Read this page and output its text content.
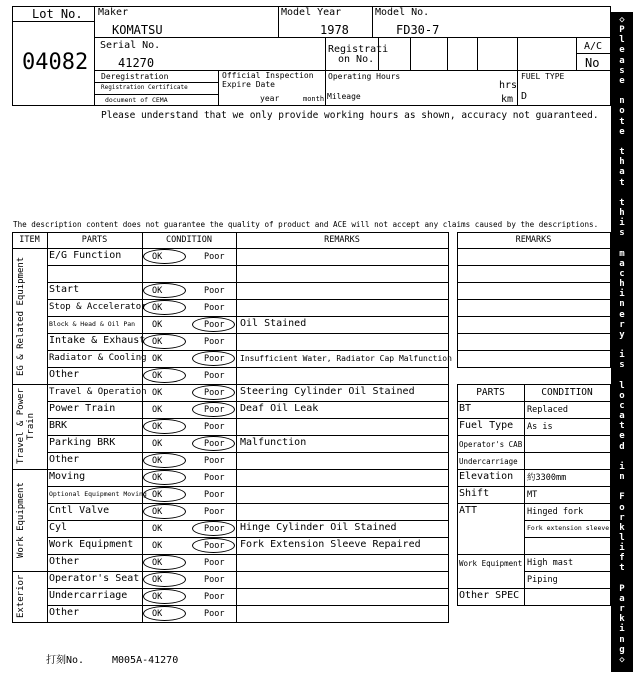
Lot No.
04082
Maker
KOMATSU
Model Year
1978
Model No.
FD30-7
Serial No.
41270
Registrati
on No.
A/C
No
Deregistration
Registration Certificate
document of CEMA
Official Inspection
Expire Date
year	month
Operating Hours
hrs
Mileage	km
FUEL TYPE
D
Please understand that we only provide working hours as shown, accuracy not guaranteed.
The description content does not guarantee the quality of product and ACE will not accept any claims caused by the descriptions.
ITEM	PARTS	CONDITION	REMARKS
EG & Related Equipment
Travel & Power Train
Work Equipment
Exterior
E/G Function	OK	Poor
Start	OK	Poor
Stop & Accelerator OK	Poor
Block & Head & Oil Pan OK	Poor Oil Stained
Intake & Exhaust OK	Poor
Radiator & Cooling OK	Poor Insufficient Water, Radiator Cap Malfunction
Other	OK	Poor
Travel & Operation OK	Poor Steering Cylinder Oil Stained
Power Train	OK	Poor Deaf Oil Leak
BRK	OK	Poor
Parking BRK	OK	Poor Malfunction
Other	OK	Poor
Moving	OK	Poor
Optional Equipment Moving OK	Poor
Cntl Valve	OK	Poor
Cyl	OK	Poor Hinge Cylinder Oil Stained
Work Equipment OK	Poor Fork Extension Sleeve Repaired
Other	OK	Poor
Operator's Seat OK	Poor
Undercarriage	OK	Poor
Other	OK	Poor
REMARKS
PARTS	CONDITION
BT	Replaced
Fuel Type As is
Operator's CAB
Undercarriage
Elevation 約3300mm
Shift	MT
ATT	Hinged fork
Fork extension sleeve
Work Equipment High mast
Piping
Other SPEC
打刻No.	M005A-41270
◇
P
l
e
a
s
e
n
o
t
e
t
h
a
t
t
h
i
s
m
a
c
h
i
n
e
r
y
i
s
l
o
c
a
t
e
d
i
n
F
o
r
k
l
i
f
t
P
a
r
k
i
n
g
◇
